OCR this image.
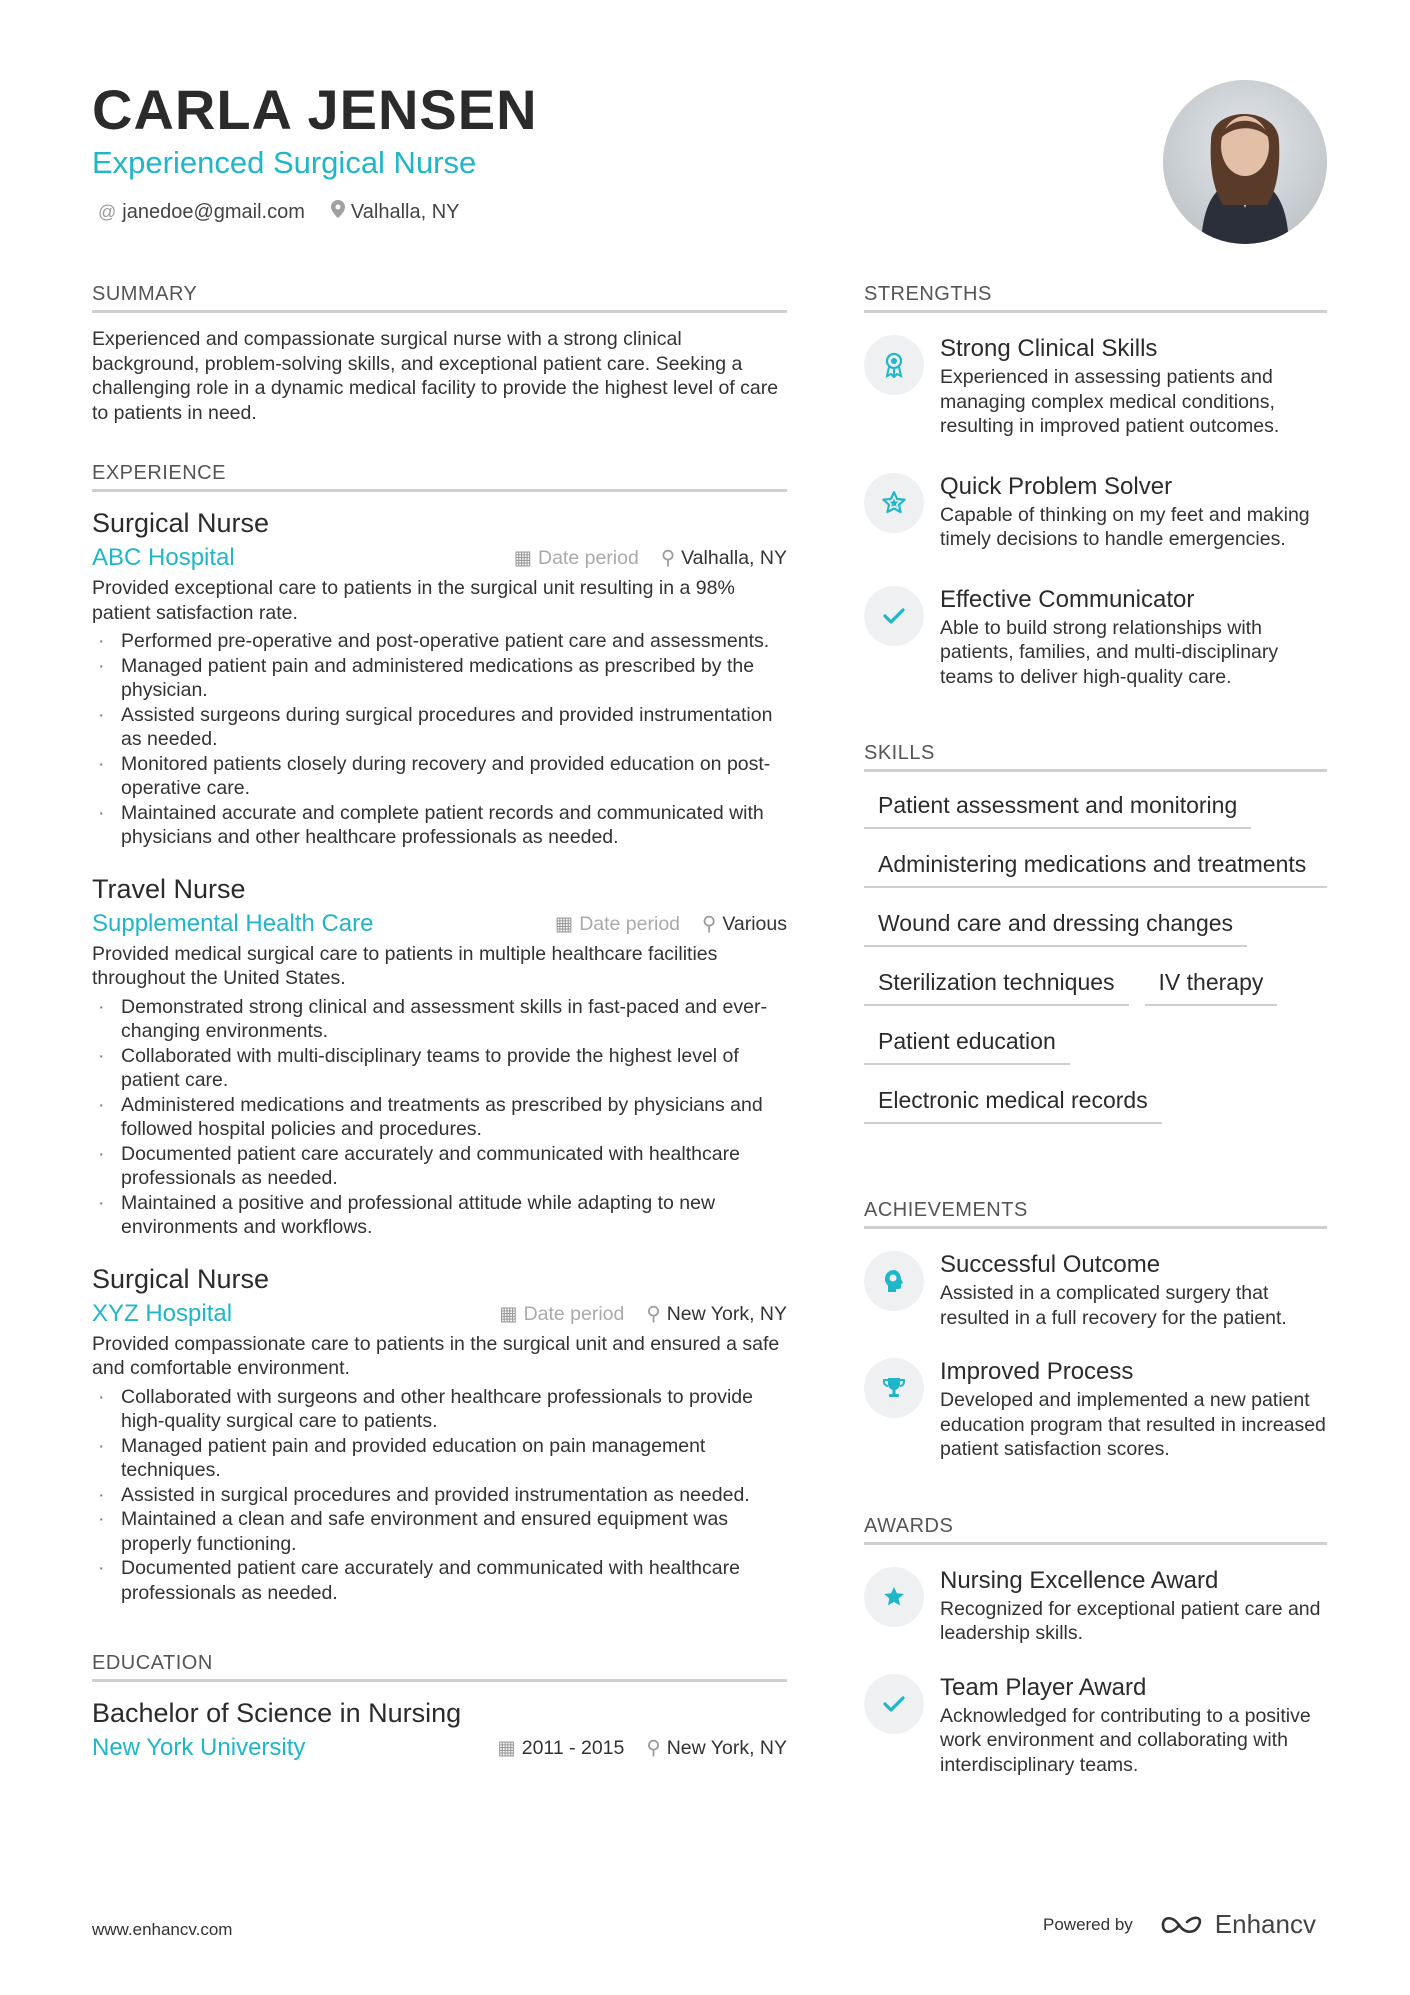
CARLA JENSEN
Experienced Surgical Nurse
@ janedoe@gmail.com Valhalla, NY
SUMMARY
Experienced and compassionate surgical nurse with a strong clinical background, problem-solving skills, and exceptional patient care. Seeking a challenging role in a dynamic medical facility to provide the highest level of care to patients in need.
EXPERIENCE
Surgical Nurse
ABC Hospital	▦ Date period ⚲ Valhalla, NY
Provided exceptional care to patients in the surgical unit resulting in a 98% patient satisfaction rate.
· Performed pre-operative and post-operative patient care and assessments.
· Managed patient pain and administered medications as prescribed by the physician.
· Assisted surgeons during surgical procedures and provided instrumentation as needed.
· Monitored patients closely during recovery and provided education on post-operative care.
· Maintained accurate and complete patient records and communicated with physicians and other healthcare professionals as needed.
Travel Nurse
Supplemental Health Care	▦ Date period ⚲ Various
Provided medical surgical care to patients in multiple healthcare facilities throughout the United States.
· Demonstrated strong clinical and assessment skills in fast-paced and ever-changing environments.
· Collaborated with multi-disciplinary teams to provide the highest level of patient care.
· Administered medications and treatments as prescribed by physicians and followed hospital policies and procedures.
· Documented patient care accurately and communicated with healthcare professionals as needed.
· Maintained a positive and professional attitude while adapting to new environments and workflows.
Surgical Nurse
XYZ Hospital	▦ Date period ⚲ New York, NY
Provided compassionate care to patients in the surgical unit and ensured a safe and comfortable environment.
· Collaborated with surgeons and other healthcare professionals to provide high-quality surgical care to patients.
· Managed patient pain and provided education on pain management techniques.
· Assisted in surgical procedures and provided instrumentation as needed.
· Maintained a clean and safe environment and ensured equipment was properly functioning.
· Documented patient care accurately and communicated with healthcare professionals as needed.
EDUCATION
Bachelor of Science in Nursing
New York University	▦ 2011 - 2015 ⚲ New York, NY
STRENGTHS
Strong Clinical Skills
Experienced in assessing patients and managing complex medical conditions, resulting in improved patient outcomes.
Quick Problem Solver
Capable of thinking on my feet and making timely decisions to handle emergencies.
Effective Communicator
Able to build strong relationships with patients, families, and multi-disciplinary teams to deliver high-quality care.
SKILLS
Patient assessment and monitoring
Administering medications and treatments
Wound care and dressing changes
Sterilization techniques	IV therapy
Patient education
Electronic medical records
ACHIEVEMENTS
Successful Outcome
Assisted in a complicated surgery that resulted in a full recovery for the patient.
Improved Process
Developed and implemented a new patient education program that resulted in increased patient satisfaction scores.
AWARDS
Nursing Excellence Award
Recognized for exceptional patient care and leadership skills.
Team Player Award
Acknowledged for contributing to a positive work environment and collaborating with interdisciplinary teams.
www.enhancv.com	Powered by	Enhancv
